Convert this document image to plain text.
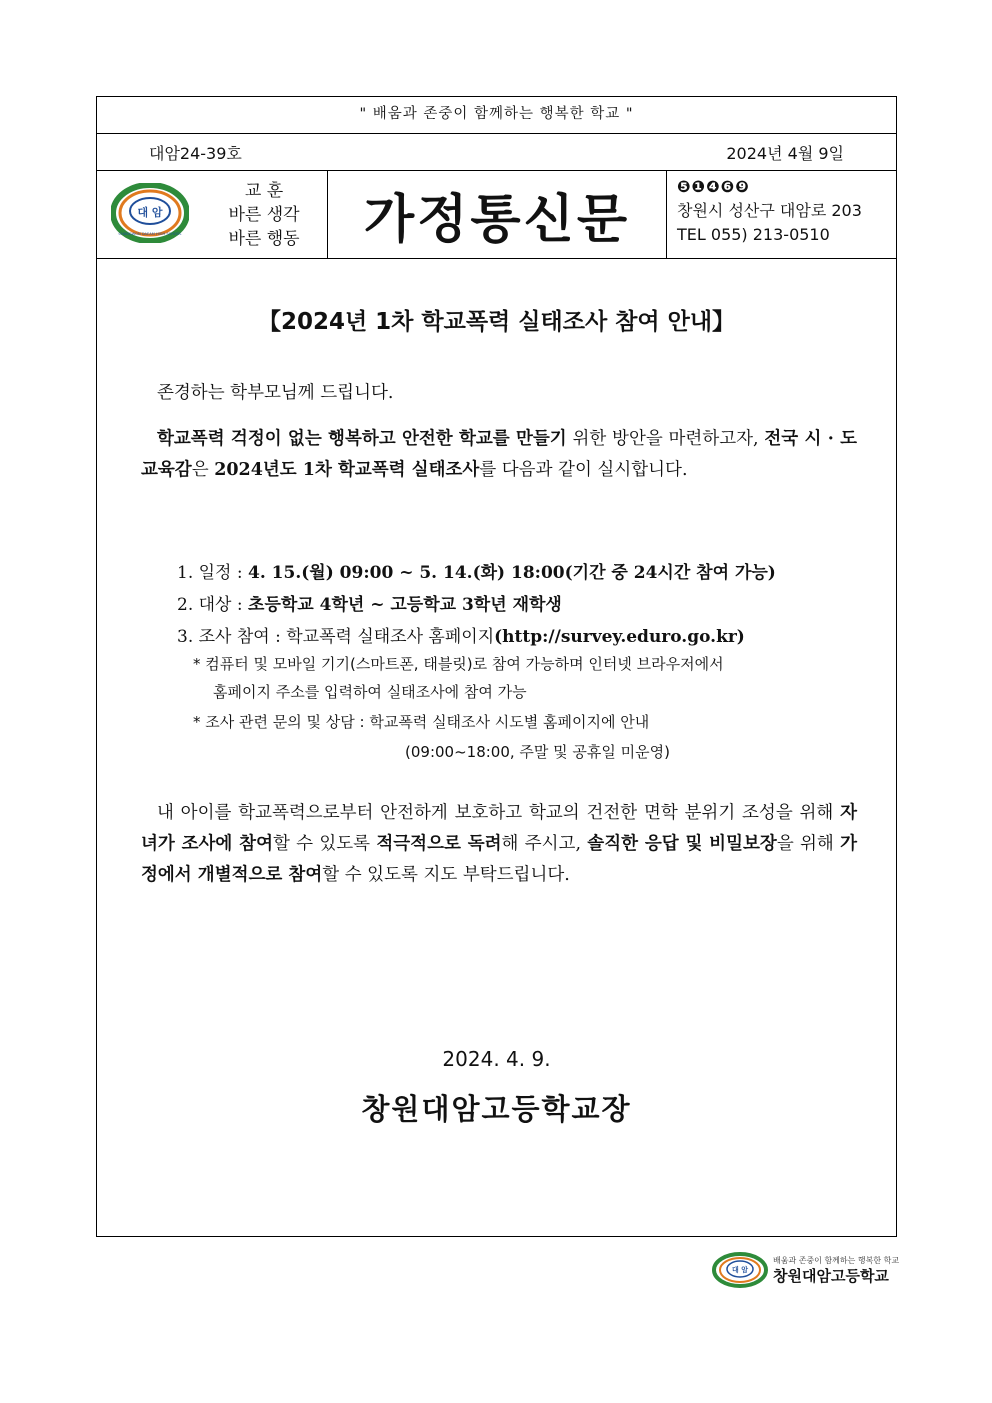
" 배움과 존중이 함께하는 행복한 학교 "
대암24-39호	2024년 4월 9일
대 암
CHANGWON DAEAM HIGH SCHOOL
교 훈
바른 생각
바른 행동 가정통신문
❺❶❹❻❾
창원시 성산구 대암로 203
TEL 055) 213-0510
【2024년 1차 학교폭력 실태조사 참여 안내】
존경하는 학부모님께 드립니다.
학교폭력 걱정이 없는 행복하고 안전한 학교를 만들기 위한 방안을 마련하고자, 전국 시 · 도교육감은 2024년도 1차 학교폭력 실태조사를 다음과 같이 실시합니다.
1. 일정 : 4. 15.(월) 09:00 ~ 5. 14.(화) 18:00(기간 중 24시간 참여 가능)
2. 대상 : 초등학교 4학년 ~ 고등학교 3학년 재학생
3. 조사 참여 : 학교폭력 실태조사 홈페이지(http://survey.eduro.go.kr)
* 컴퓨터 및 모바일 기기(스마트폰, 태블릿)로 참여 가능하며 인터넷 브라우저에서
홈페이지 주소를 입력하여 실태조사에 참여 가능
* 조사 관련 문의 및 상담 : 학교폭력 실태조사 시도별 홈페이지에 안내
(09:00~18:00, 주말 및 공휴일 미운영)
내 아이를 학교폭력으로부터 안전하게 보호하고 학교의 건전한 면학 분위기 조성을 위해 자녀가 조사에 참여할 수 있도록 적극적으로 독려해 주시고, 솔직한 응답 및 비밀보장을 위해 가정에서 개별적으로 참여할 수 있도록 지도 부탁드립니다.
2024. 4. 9.
창원대암고등학교장
대 암
배움과 존중이 함께하는 행복한 학교
창원대암고등학교
